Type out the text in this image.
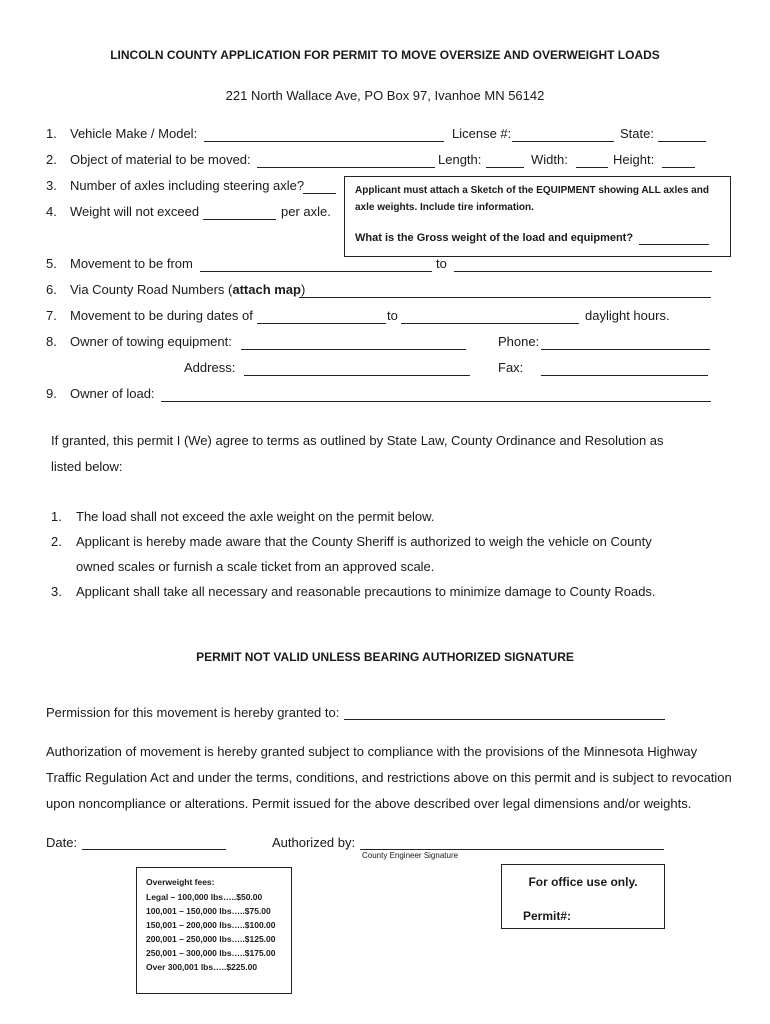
LINCOLN COUNTY APPLICATION FOR PERMIT TO MOVE OVERSIZE AND OVERWEIGHT LOADS
221 North Wallace Ave, PO Box 97, Ivanhoe MN 56142
1. Vehicle Make / Model:	License #:	State:
2. Object of material to be moved:	Length:	Width:	Height:
3. Number of axles including steering axle?
4. Weight will not exceed	per axle.
Applicant must attach a Sketch of the EQUIPMENT showing ALL axles and
axle weights. Include tire information.
What is the Gross weight of the load and equipment?
5. Movement to be from	to
6. Via County Road Numbers (attach map)
7. Movement to be during dates of	to	daylight hours.
8. Owner of towing equipment:	Phone:
Address:	Fax:
9. Owner of load:
If granted, this permit I (We) agree to terms as outlined by State Law, County Ordinance and Resolution as
listed below:
1. The load shall not exceed the axle weight on the permit below.
2. Applicant is hereby made aware that the County Sheriff is authorized to weigh the vehicle on County
owned scales or furnish a scale ticket from an approved scale.
3. Applicant shall take all necessary and reasonable precautions to minimize damage to County Roads.
PERMIT NOT VALID UNLESS BEARING AUTHORIZED SIGNATURE
Permission for this movement is hereby granted to:
Authorization of movement is hereby granted subject to compliance with the provisions of the Minnesota Highway
Traffic Regulation Act and under the terms, conditions, and restrictions above on this permit and is subject to revocation
upon noncompliance or alterations. Permit issued for the above described over legal dimensions and/or weights.
Date:	Authorized by:
County Engineer Signature
Overweight fees:
Legal – 100,000 lbs…..$50.00
100,001 – 150,000 lbs…..$75.00
150,001 – 200,000 lbs…..$100.00
200,001 – 250,000 lbs…..$125.00
250,001 – 300,000 lbs…..$175.00
Over 300,001 lbs…..$225.00
For office use only.
Permit#:
